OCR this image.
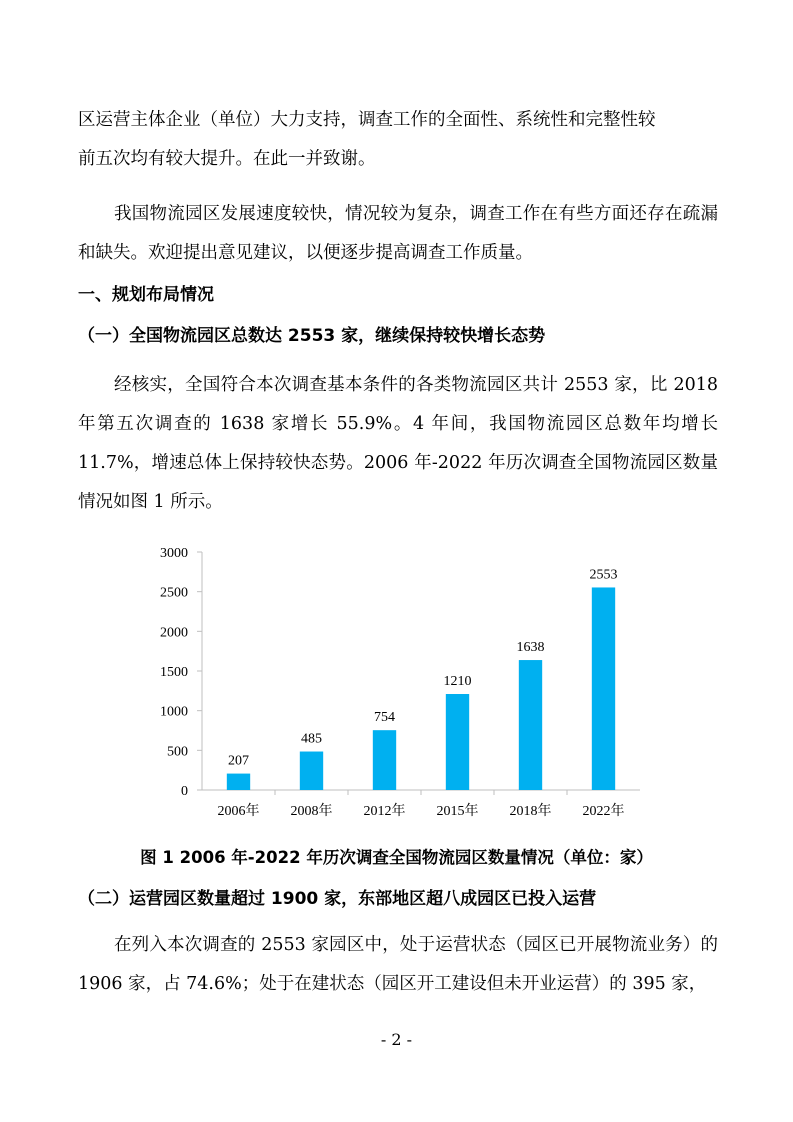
区运营主体企业（单位）大力支持，调查工作的全面性、系统性和完整性较
前五次均有较大提升。在此一并致谢。

我国物流园区发展速度较快，情况较为复杂，调查工作在有些方面还存在疏漏和缺失。欢迎提出意见建议，以便逐步提高调查工作质量。

一、规划布局情况

（一）全国物流园区总数达 2553 家，继续保持较快增长态势

经核实，全国符合本次调查基本条件的各类物流园区共计 2553 家，比 2018 年第五次调查的 1638 家增长 55.9%。4 年间，我国物流园区总数年均增长 11.7%，增速总体上保持较快态势。2006 年-2022 年历次调查全国物流园区数量情况如图 1 所示。

0
500
1000
1500
2000
2500
3000
207
2006年
485
2008年
754
2012年
1210
2015年
1638
2018年
2553
2022年

图 1 2006 年-2022 年历次调查全国物流园区数量情况（单位：家）

（二）运营园区数量超过 1900 家，东部地区超八成园区已投入运营

在列入本次调查的 2553 家园区中，处于运营状态（园区已开展物流业务）的 1906 家，占 74.6%；处于在建状态（园区开工建设但未开业运营）的 395 家，

- 2 -
